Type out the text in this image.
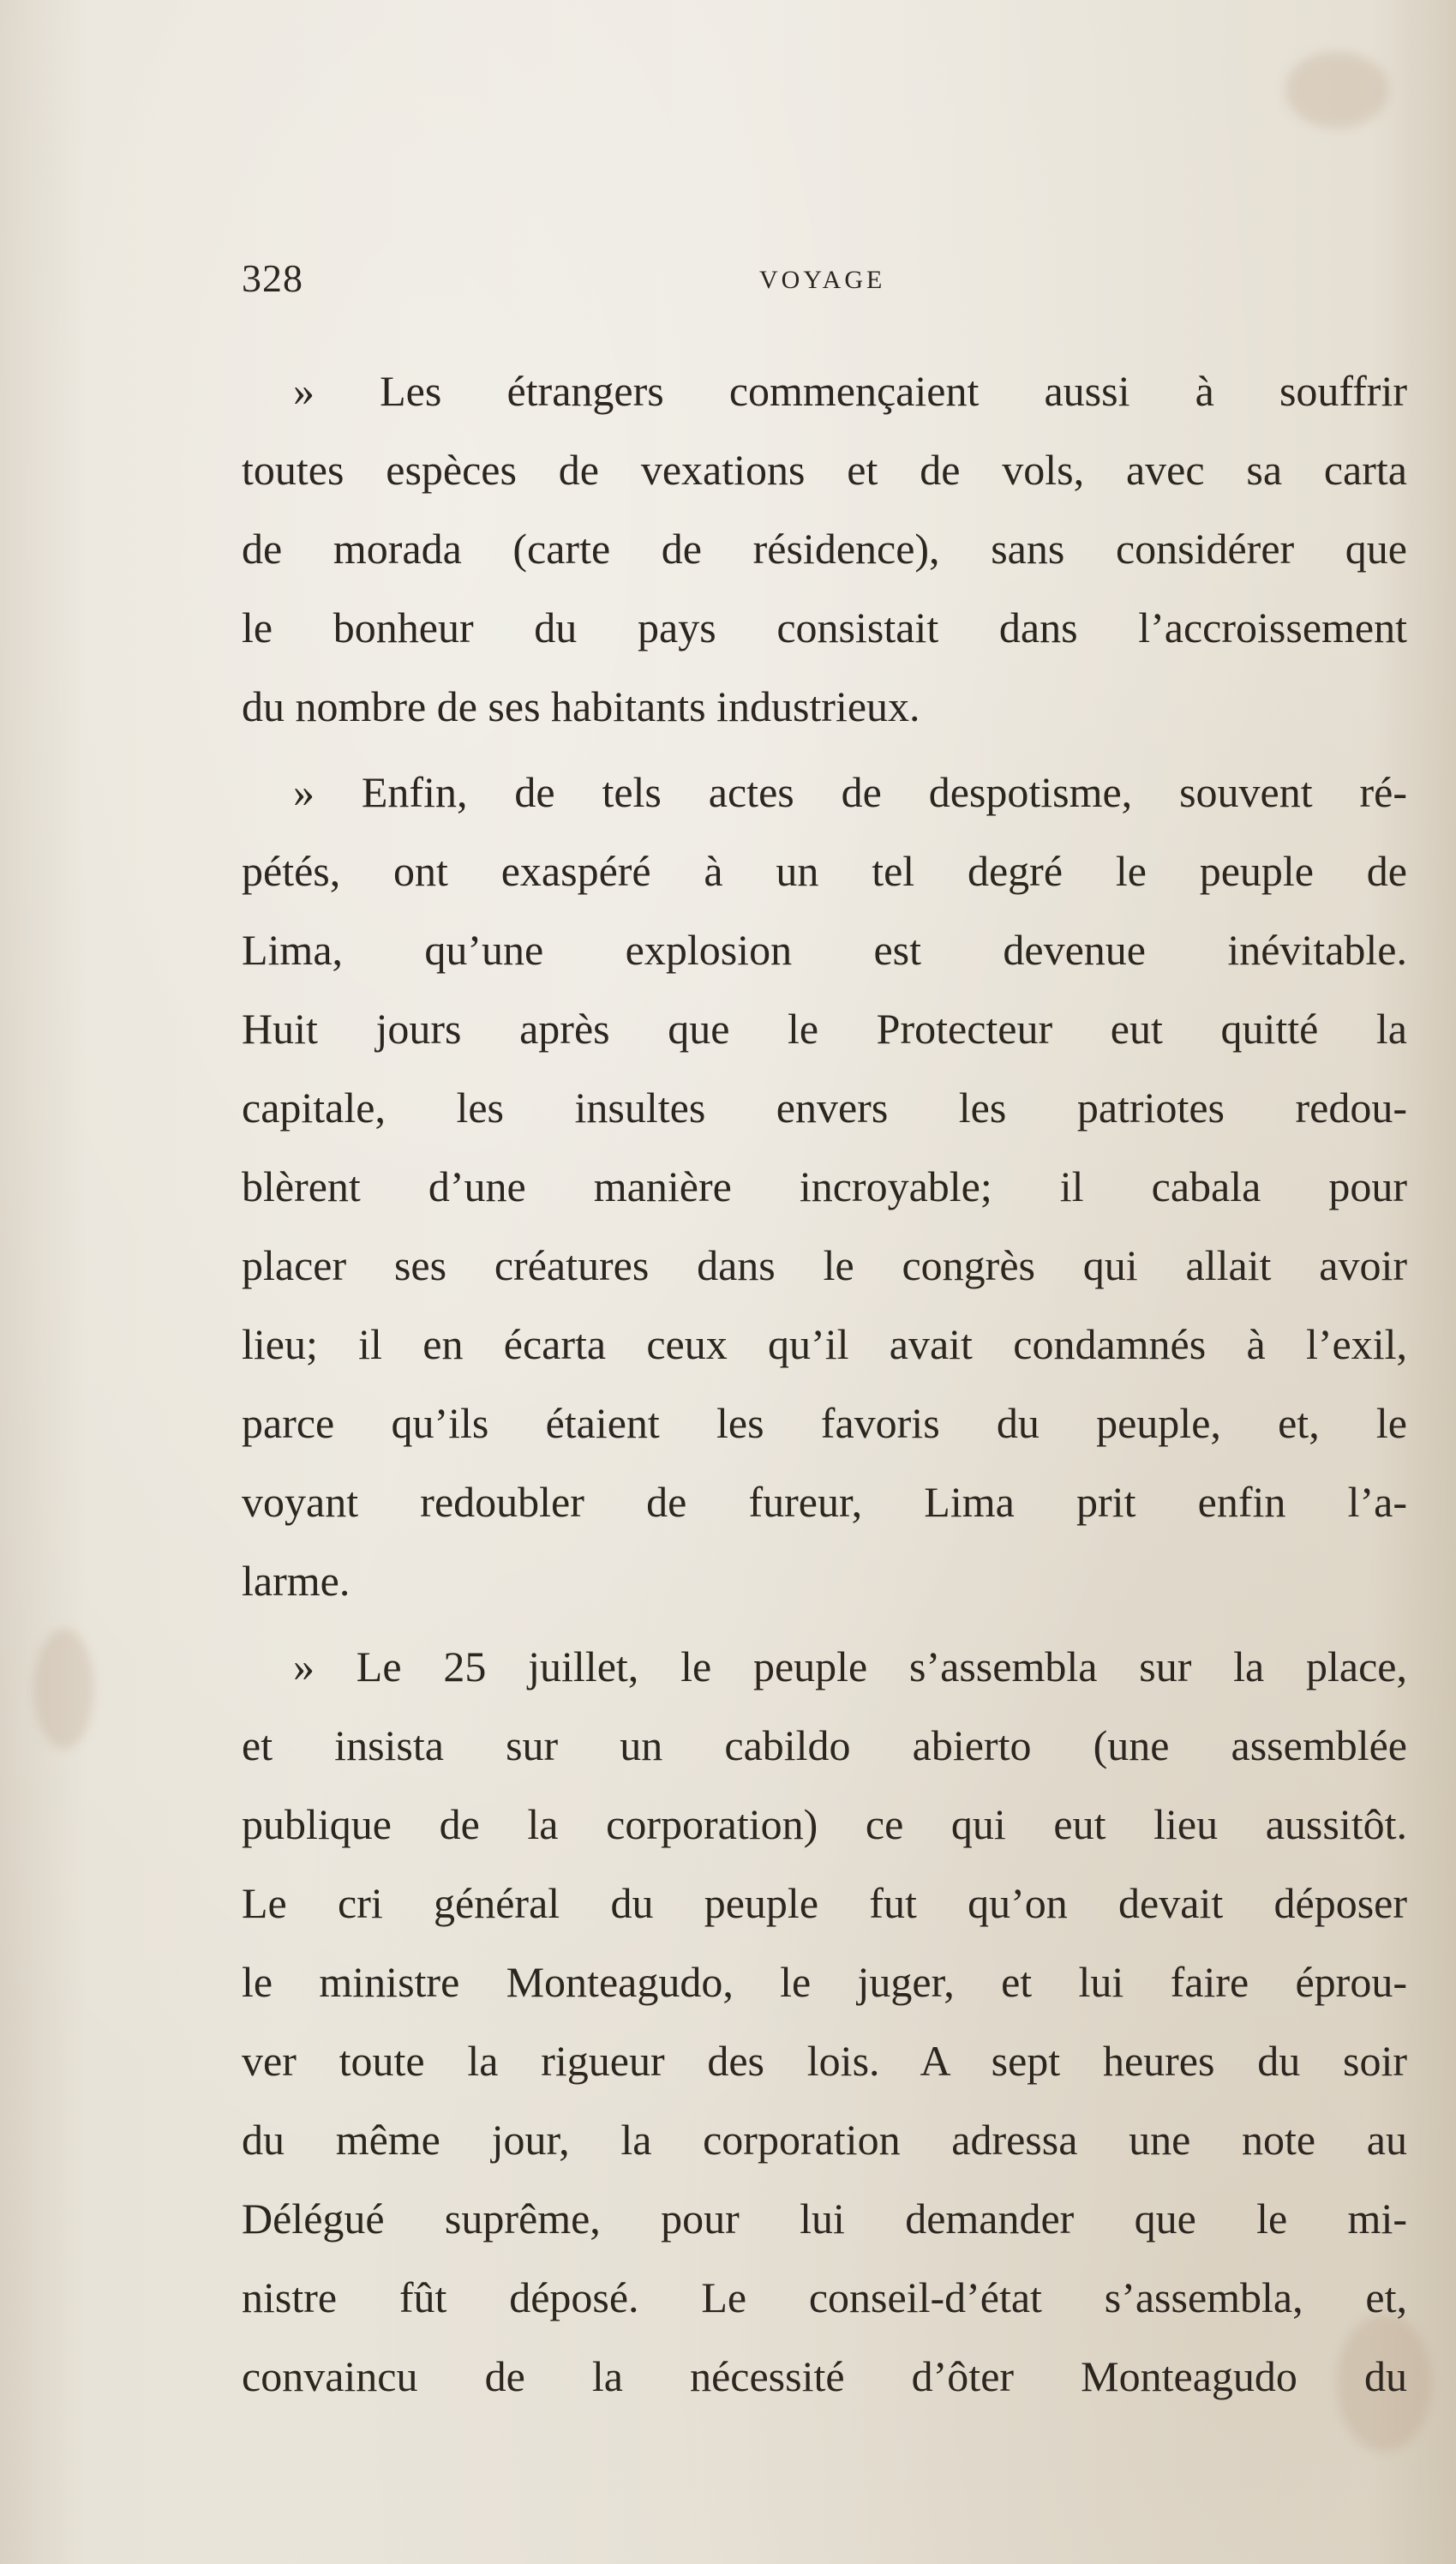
328	VOYAGE
» Les étrangers commençaient aussi à souffrir
toutes espèces de vexations et de vols, avec sa carta
de morada (carte de résidence), sans considérer que
le bonheur du pays consistait dans l’accroissement
du nombre de ses habitants industrieux.
» Enfin, de tels actes de despotisme, souvent ré-
pétés, ont exaspéré à un tel degré le peuple de
Lima, qu’une explosion est devenue inévitable.
Huit jours après que le Protecteur eut quitté la
capitale, les insultes envers les patriotes redou-
blèrent d’une manière incroyable; il cabala pour
placer ses créatures dans le congrès qui allait avoir
lieu; il en écarta ceux qu’il avait condamnés à l’exil,
parce qu’ils étaient les favoris du peuple, et, le
voyant redoubler de fureur, Lima prit enfin l’a-
larme.
» Le 25 juillet, le peuple s’assembla sur la place,
et insista sur un cabildo abierto (une assemblée
publique de la corporation) ce qui eut lieu aussitôt.
Le cri général du peuple fut qu’on devait déposer
le ministre Monteagudo, le juger, et lui faire éprou-
ver toute la rigueur des lois. A sept heures du soir
du même jour, la corporation adressa une note au
Délégué suprême, pour lui demander que le mi-
nistre fût déposé. Le conseil-d’état s’assembla, et,
convaincu de la nécessité d’ôter Monteagudo du
